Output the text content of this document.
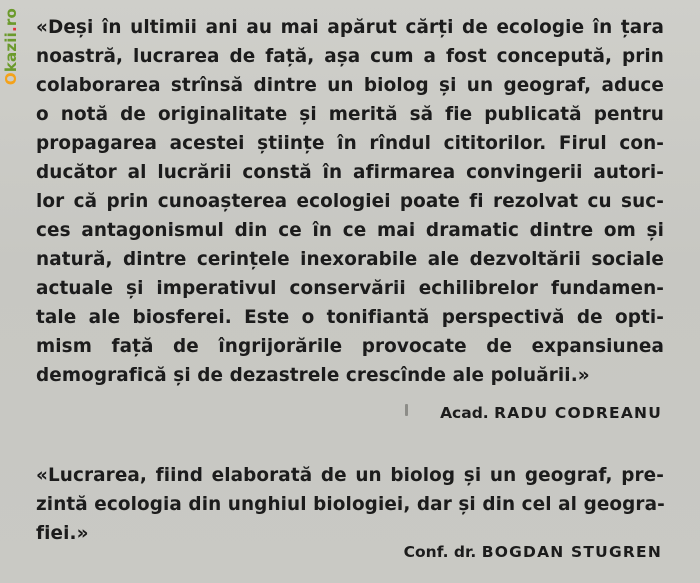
Okazii.ro «Deși în ultimii ani au mai apărut cărți de ecologie în țara
noastră, lucrarea de față, așa cum a fost concepută, prin
colaborarea strînsă dintre un biolog și un geograf, aduce
o notă de originalitate și merită să fie publicată pentru
propagarea acestei științe în rîndul cititorilor. Firul con-
ducător al lucrării constă în afirmarea convingerii autori-
lor că prin cunoașterea ecologiei poate fi rezolvat cu suc-
ces antagonismul din ce în ce mai dramatic dintre om și
natură, dintre cerințele inexorabile ale dezvoltării sociale
actuale și imperativul conservării echilibrelor fundamen-
tale ale biosferei. Este o tonifiantă perspectivă de opti-
mism față de îngrijorările provocate de expansiunea
demografică și de dezastrele crescînde ale poluării.»
Acad. RADU CODREANU
«Lucrarea, fiind elaborată de un biolog și un geograf, pre-
zintă ecologia din unghiul biologiei, dar și din cel al geogra-
fiei.»
Conf. dr. BOGDAN STUGREN
